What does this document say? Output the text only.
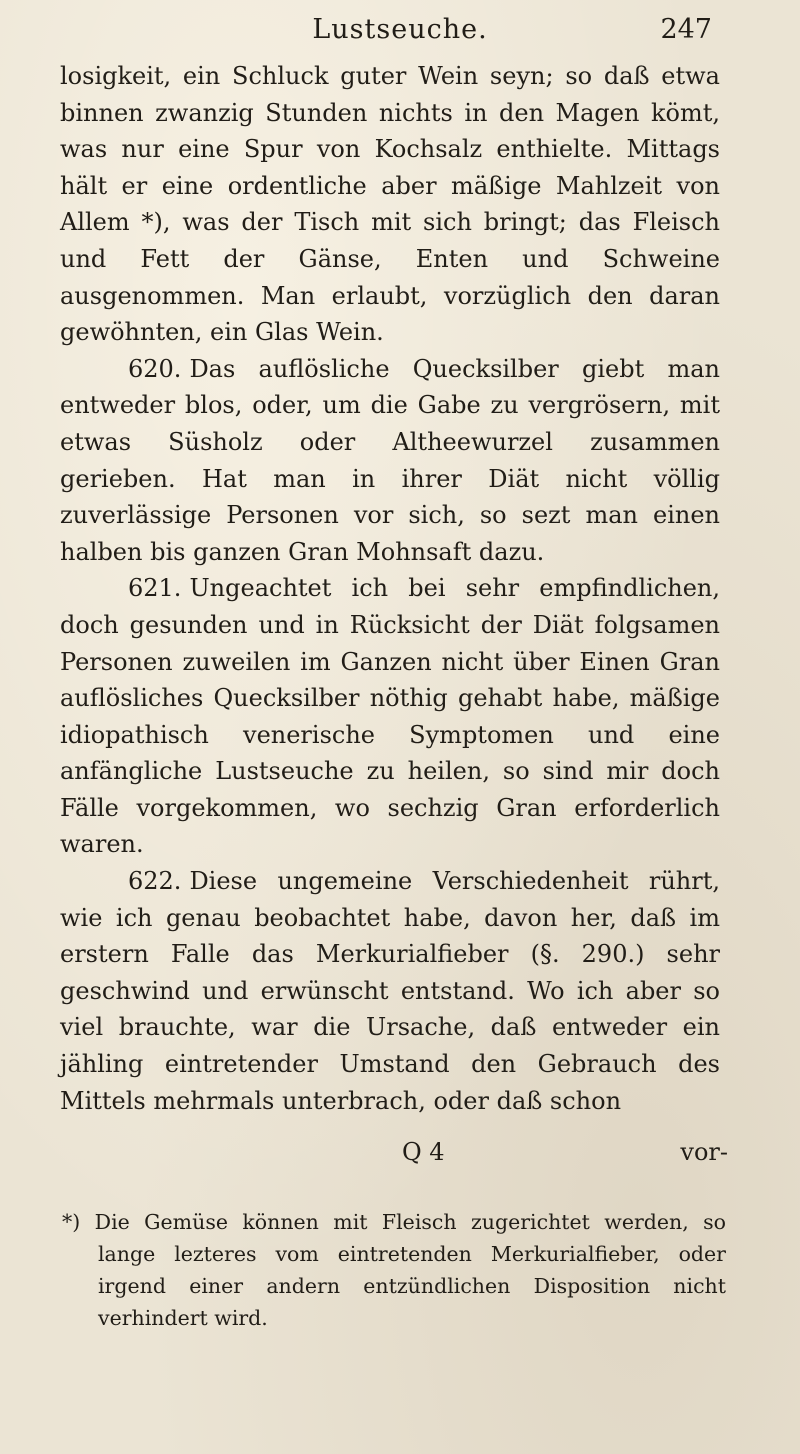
Lustseuche.	247

losigkeit, ein Schluck guter Wein seyn; so daß etwa binnen zwanzig Stunden nichts in den Magen kömt, was nur eine Spur von Kochsalz enthielte. Mittags hält er eine ordentliche aber mäßige Mahlzeit von Allem *), was der Tisch mit sich bringt; das Fleisch und Fett der Gänse, Enten und Schweine ausgenommen. Man erlaubt, vorzüglich den daran gewöhnten, ein Glas Wein.

620. Das auflösliche Quecksilber giebt man entweder blos, oder, um die Gabe zu vergrösern, mit etwas Süsholz oder Altheewurzel zusammen gerieben. Hat man in ihrer Diät nicht völlig zuverlässige Personen vor sich, so sezt man einen halben bis ganzen Gran Mohnsaft dazu.

621. Ungeachtet ich bei sehr empfindlichen, doch gesunden und in Rücksicht der Diät folgsamen Personen zuweilen im Ganzen nicht über Einen Gran auflösliches Quecksilber nöthig gehabt habe, mäßige idiopathisch venerische Symptomen und eine anfängliche Lustseuche zu heilen, so sind mir doch Fälle vorgekommen, wo sechzig Gran erforderlich waren.

622. Diese ungemeine Verschiedenheit rührt, wie ich genau beobachtet habe, davon her, daß im erstern Falle das Merkurialfieber (§. 290.) sehr geschwind und erwünscht entstand. Wo ich aber so viel brauchte, war die Ursache, daß entweder ein jähling eintretender Umstand den Gebrauch des Mittels mehrmals unterbrach, oder daß schon

Q 4	vor-

*) Die Gemüse können mit Fleisch zugerichtet werden, so lange lezteres vom eintretenden Merkurialfieber, oder irgend einer andern entzündlichen Disposition nicht verhindert wird.
